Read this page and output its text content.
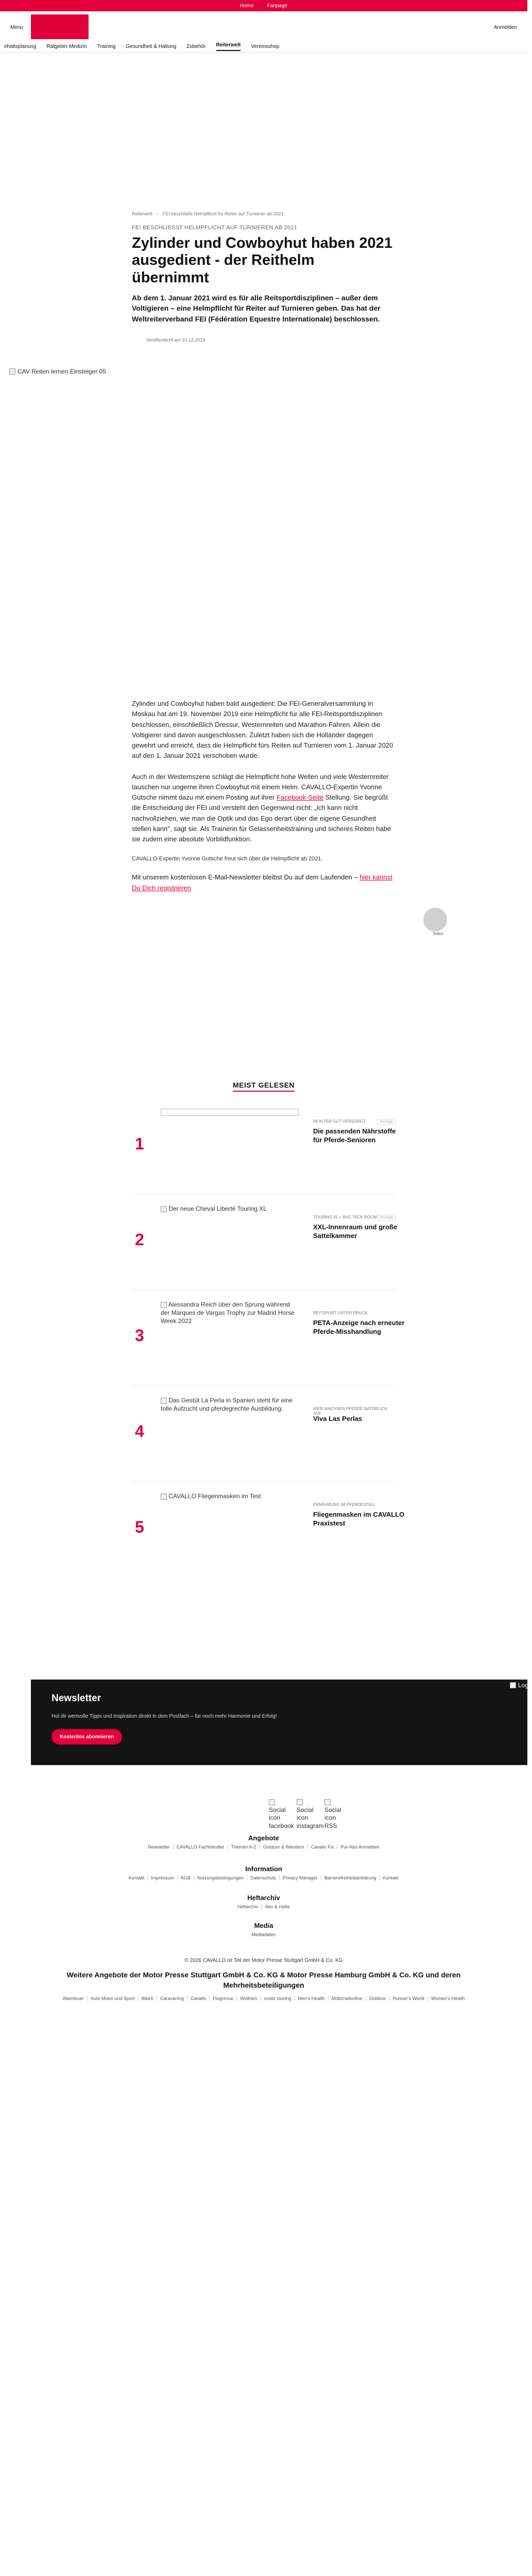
Home	Fanpage
Menu	Anmelden
ehaltsplanung Ratgeber Medizin Training Gesundheit & Haltung Zubehör Reiterwelt Vereinsshop
Reiterwelt › FEI beschließt Helmpflicht für Reiter auf Turnieren ab 2021
FEI BESCHLIESST HELMPFLICHT AUF TURNIEREN AB 2021
Zylinder und Cowboyhut haben 2021 ausgedient - der Reithelm übernimmt

Ab dem 1. Januar 2021 wird es für alle Reitsportdisziplinen – außer dem Voltigieren – eine Helmpflicht für Reiter auf Turnieren geben. Das hat der Weltreiterverband FEI (Fédération Equestre Internationale) beschlossen.

Veröffentlicht am 10.12.2019
CAV Reiten lernen Einsteiger 05

Zylinder und Cowboyhut haben bald ausgedient: Die FEI-Generalversammlung in Moskau hat am 19. November 2019 eine Helmpflicht für alle FEI-Reitsportdisziplinen beschlossen, einschließlich Dressur, Westernreiten und Marathon-Fahren. Allein die Voltigierer sind davon ausgeschlossen. Zuletzt haben sich die Holländer dagegen gewehrt und erreicht, dass die Helmpflicht fürs Reiten auf Turnieren vom 1. Januar 2020 auf den 1. Januar 2021 verschoben wurde.

Auch in der Westernszene schlägt die Helmpflicht hohe Wellen und viele Westernreiter tauschen nur ungerne ihren Cowboyhut mit einem Helm. CAVALLO-Expertin Yvonne Gutsche nimmt dazu mit einem Posting auf ihrer Facebook-Seite Stellung. Sie begrüßt die Entscheidung der FEI und versteht den Gegenwind nicht: „Ich kann nicht nachvollziehen, wie man die Optik und das Ego derart über die eigene Gesundheit stellen kann", sagt sie. Als Trainerin für Gelassenheitstraining und sicheres Reiten habe sie zudem eine absolute Vorbildfunktion.

CAVALLO-Expertin Yvonne Gutsche freut sich über die Helmpflicht ab 2021.

Mit unserem kostenlosen E-Mail-Newsletter bleibst Du auf dem Laufenden – hier kannst Du Dich registrieren

Teilen
MEIST GELESEN
1
IM ALTER GUT VERSORGT	Anzeige
Die passenden Nährstoffe für Pferde-Senioren
2
Der neue Cheval Liberté Touring XL
TOURING XL + BAC TACK ROOM Anzeige
XXL-Innenraum und große Sattelkammer
3
Alessandra Reich über den Sprung während der Marques de Vargas Trophy zur Madrid Horse Week 2022
REITSPORT UNTER DRUCK
PETA-Anzeige nach erneuter Pferde-Misshandlung
4
Das Gestüt La Perla in Spanien steht für eine tolle Aufzucht und pferdegrechte Ausbildung.	HIER WACHSEN PFERDE NATÜRLICH AUF
Viva Las Perlas
5
CAVALLO Fliegenmasken im Test
ERNÄHRUNG IM PFERDESTALL
Fliegenmasken im CAVALLO Praxistest
Newsletter
Hol dir wertvolle Tipps und Inspiration direkt in dein Postfach – für noch mehr Harmonie und Erfolg!
Kostenlos abonnieren
Logo
Social icon facebook
Social icon instagram
Social icon RSS
Angebote
Newsletter	CAVALLO Fachhändler	Themen A-Z	Outdoor & Wandern	Cavallo Fix	Pur-Abo Anmelden
Information
Kontakt	Impressum	AGB	Nutzungsbedingungen	Datenschutz	Privacy Manager	Barrierefreiheitserklärung	Kontakt
Heftarchiv
Heftarchiv	Abo & Hefte
Media
Mediadaten
© 2026 CAVALLO ist Teil der Motor Presse Stuttgart GmbH & Co. KG
Weitere Angebote der Motor Presse Stuttgart GmbH & Co. KG & Motor Presse Hamburg GmbH & Co. KG und deren Mehrheitsbeteiligungen
Abenteuer	Auto Motor und Sport	BikeX	Caravaning	Cavallo	Flugrevue	Wolfram	motor touring	Men's Health	Motorradonline	Outdoor	Runner's World	Women's Health
